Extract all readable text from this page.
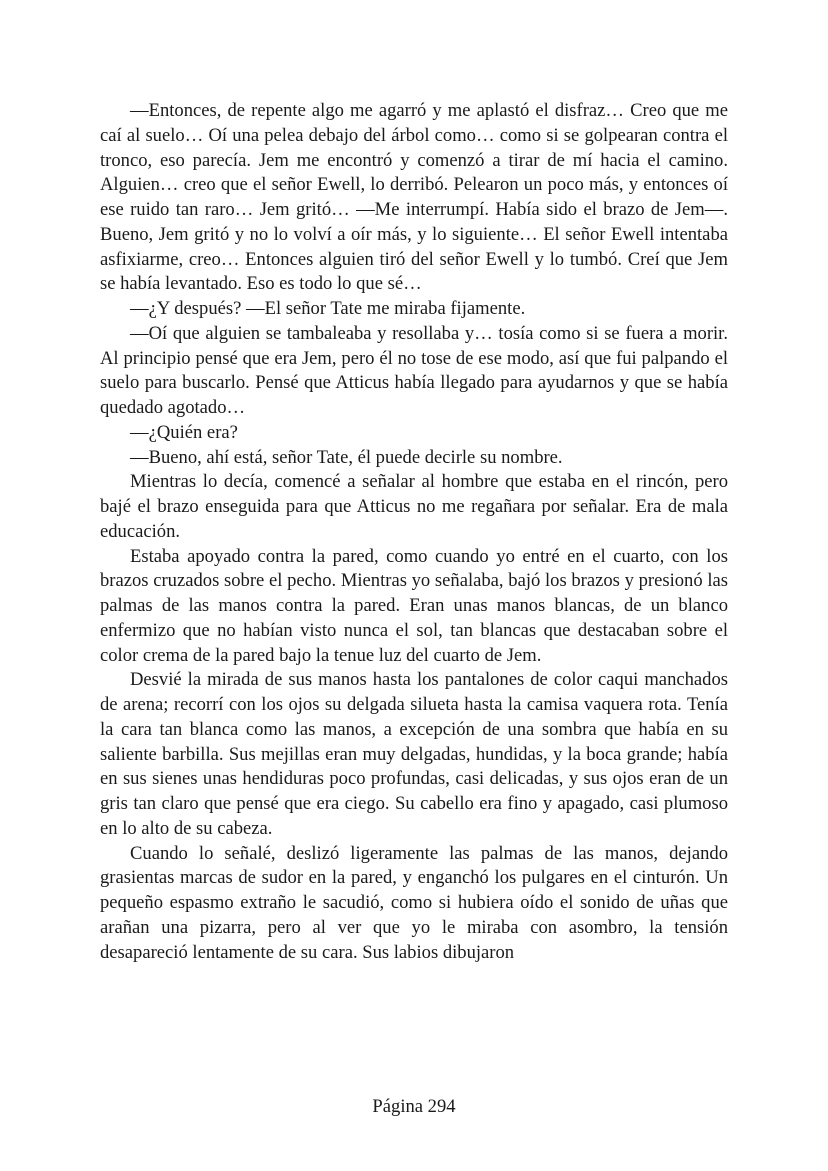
—Entonces, de repente algo me agarró y me aplastó el disfraz… Creo que me caí al suelo… Oí una pelea debajo del árbol como… como si se golpearan contra el tronco, eso parecía. Jem me encontró y comenzó a tirar de mí hacia el camino. Alguien… creo que el señor Ewell, lo derribó. Pelearon un poco más, y entonces oí ese ruido tan raro… Jem gritó… —Me interrumpí. Había sido el brazo de Jem—. Bueno, Jem gritó y no lo volví a oír más, y lo siguiente… El señor Ewell intentaba asfixiarme, creo… Entonces alguien tiró del señor Ewell y lo tumbó. Creí que Jem se había levantado. Eso es todo lo que sé…

—¿Y después? —El señor Tate me miraba fijamente.

—Oí que alguien se tambaleaba y resollaba y… tosía como si se fuera a morir. Al principio pensé que era Jem, pero él no tose de ese modo, así que fui palpando el suelo para buscarlo. Pensé que Atticus había llegado para ayudarnos y que se había quedado agotado…

—¿Quién era?

—Bueno, ahí está, señor Tate, él puede decirle su nombre.

Mientras lo decía, comencé a señalar al hombre que estaba en el rincón, pero bajé el brazo enseguida para que Atticus no me regañara por señalar. Era de mala educación.

Estaba apoyado contra la pared, como cuando yo entré en el cuarto, con los brazos cruzados sobre el pecho. Mientras yo señalaba, bajó los brazos y presionó las palmas de las manos contra la pared. Eran unas manos blancas, de un blanco enfermizo que no habían visto nunca el sol, tan blancas que destacaban sobre el color crema de la pared bajo la tenue luz del cuarto de Jem.

Desvié la mirada de sus manos hasta los pantalones de color caqui manchados de arena; recorrí con los ojos su delgada silueta hasta la camisa vaquera rota. Tenía la cara tan blanca como las manos, a excepción de una sombra que había en su saliente barbilla. Sus mejillas eran muy delgadas, hundidas, y la boca grande; había en sus sienes unas hendiduras poco profundas, casi delicadas, y sus ojos eran de un gris tan claro que pensé que era ciego. Su cabello era fino y apagado, casi plumoso en lo alto de su cabeza.

Cuando lo señalé, deslizó ligeramente las palmas de las manos, dejando grasientas marcas de sudor en la pared, y enganchó los pulgares en el cinturón. Un pequeño espasmo extraño le sacudió, como si hubiera oído el sonido de uñas que arañan una pizarra, pero al ver que yo le miraba con asombro, la tensión desapareció lentamente de su cara. Sus labios dibujaron

Página 294
